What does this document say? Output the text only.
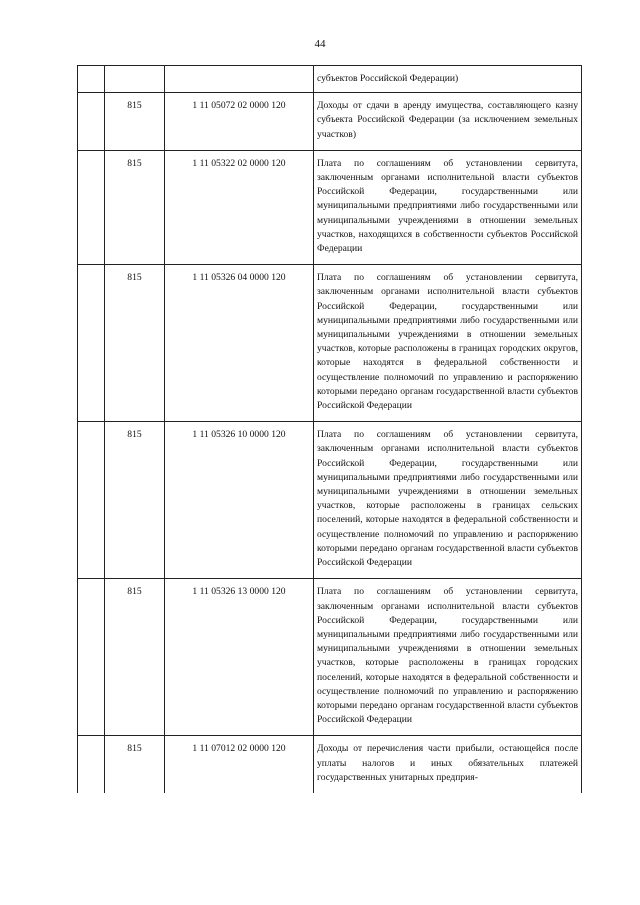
44
			субъектов Российской Федерации)
	815	1 11 05072 02 0000 120	Доходы от сдачи в аренду имущества, составляющего казну субъекта Российской Федерации (за исключением земельных участков)
	815	1 11 05322 02 0000 120	Плата по соглашениям об установлении сервитута, заключенным органами исполнительной власти субъектов Российской Федерации, государственными или муниципальными предприятиями либо государственными или муниципальными учреждениями в отношении земельных участков, находящихся в собственности субъектов Российской Федерации
	815	1 11 05326 04 0000 120	Плата по соглашениям об установлении сервитута, заключенным органами исполнительной власти субъектов Российской Федерации, государственными или муниципальными предприятиями либо государственными или муниципальными учреждениями в отношении земельных участков, которые расположены в границах городских округов, которые находятся в федеральной собственности и осуществление полномочий по управлению и распоряжению которыми передано органам государственной власти субъектов Российской Федерации
	815	1 11 05326 10 0000 120	Плата по соглашениям об установлении сервитута, заключенным органами исполнительной власти субъектов Российской Федерации, государственными или муниципальными предприятиями либо государственными или муниципальными учреждениями в отношении земельных участков, которые расположены в границах сельских поселений, которые находятся в федеральной собственности и осуществление полномочий по управлению и распоряжению которыми передано органам государственной власти субъектов Российской Федерации
	815	1 11 05326 13 0000 120	Плата по соглашениям об установлении сервитута, заключенным органами исполнительной власти субъектов Российской Федерации, государственными или муниципальными предприятиями либо государственными или муниципальными учреждениями в отношении земельных участков, которые расположены в границах городских поселений, которые находятся в федеральной собственности и осуществление полномочий по управлению и распоряжению которыми передано органам государственной власти субъектов Российской Федерации
	815	1 11 07012 02 0000 120	Доходы от перечисления части прибыли, остающейся после уплаты налогов и иных обязательных платежей государственных унитарных предприя-
